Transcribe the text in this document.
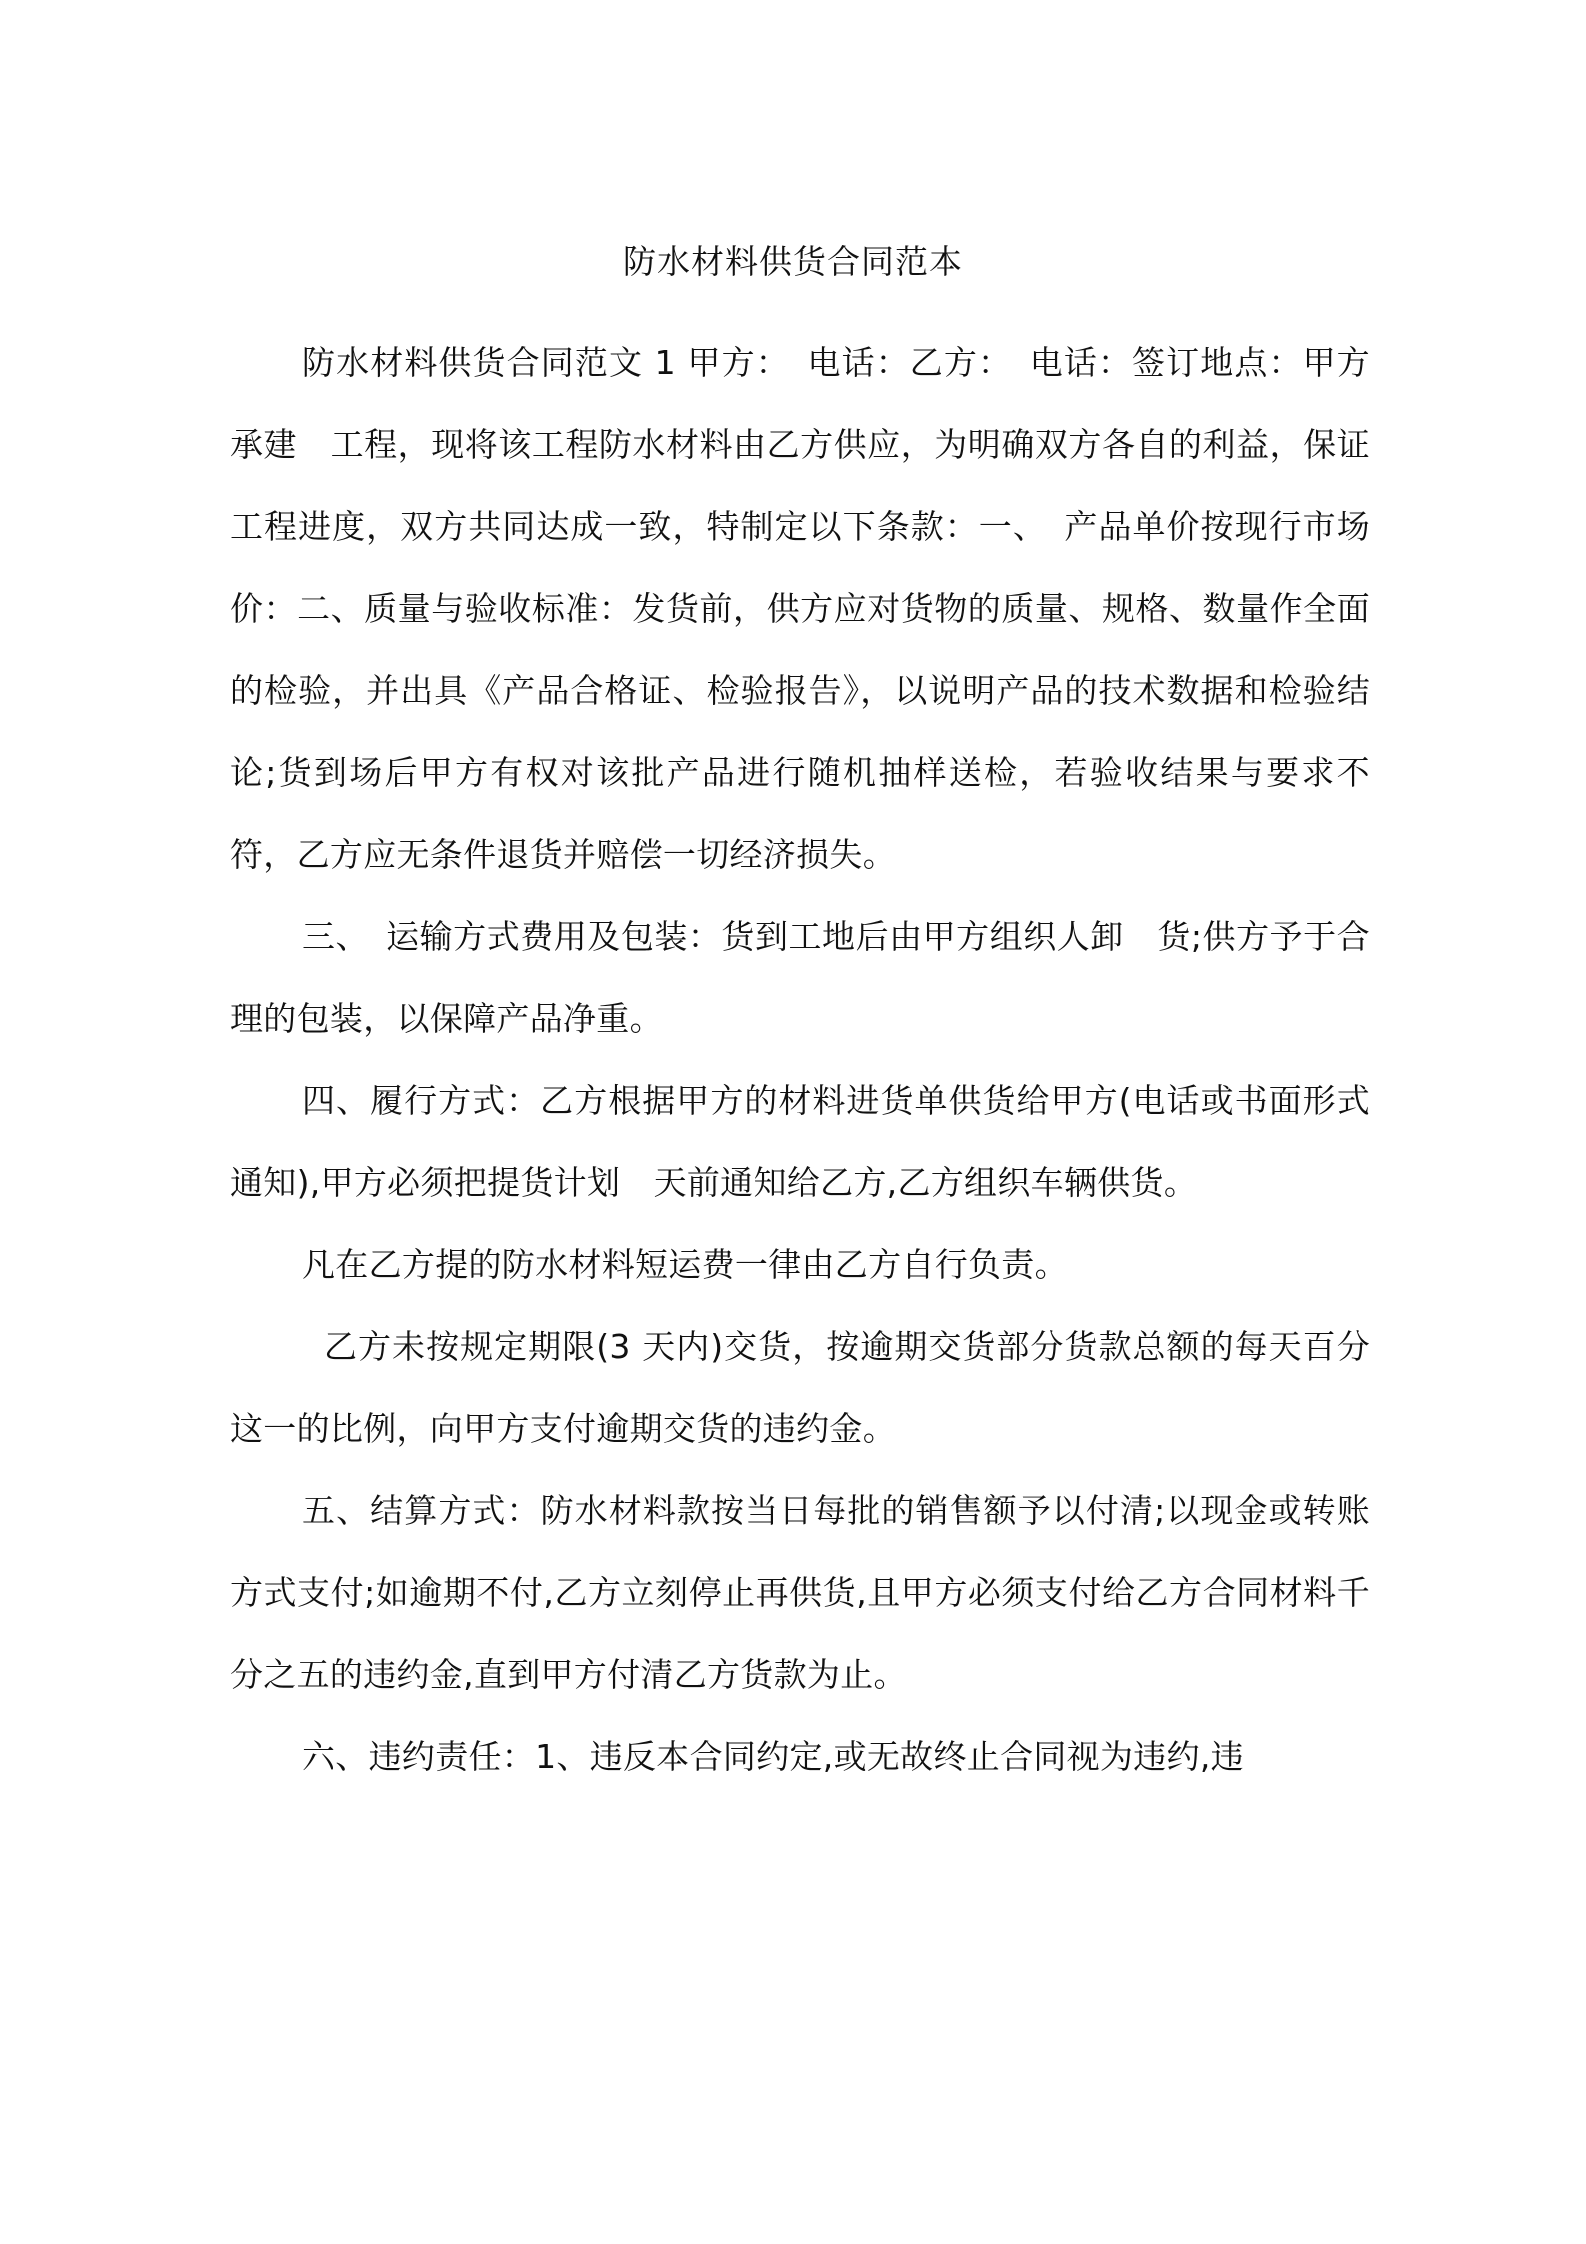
防水材料供货合同范本

防水材料供货合同范文 1 甲方：　电话：乙方：　电话：签订地点：甲方承建　工程，现将该工程防水材料由乙方供应，为明确双方各自的利益，保证工程进度，双方共同达成一致，特制定以下条款：一、　产品单价按现行市场价：二、质量与验收标准：发货前，供方应对货物的质量、规格、数量作全面的检验，并出具《产品合格证、检验报告》，以说明产品的技术数据和检验结论;货到场后甲方有权对该批产品进行随机抽样送检，若验收结果与要求不符，乙方应无条件退货并赔偿一切经济损失。

三、　运输方式费用及包装：货到工地后由甲方组织人卸　货;供方予于合理的包装，以保障产品净重。

四、履行方式：乙方根据甲方的材料进货单供货给甲方(电话或书面形式通知),甲方必须把提货计划　天前通知给乙方,乙方组织车辆供货。

凡在乙方提的防水材料短运费一律由乙方自行负责。

乙方未按规定期限(3 天内)交货，按逾期交货部分货款总额的每天百分这一的比例，向甲方支付逾期交货的违约金。

五、结算方式：防水材料款按当日每批的销售额予以付清;以现金或转账方式支付;如逾期不付,乙方立刻停止再供货,且甲方必须支付给乙方合同材料千分之五的违约金,直到甲方付清乙方货款为止。

六、违约责任：1、违反本合同约定,或无故终止合同视为违约,违
